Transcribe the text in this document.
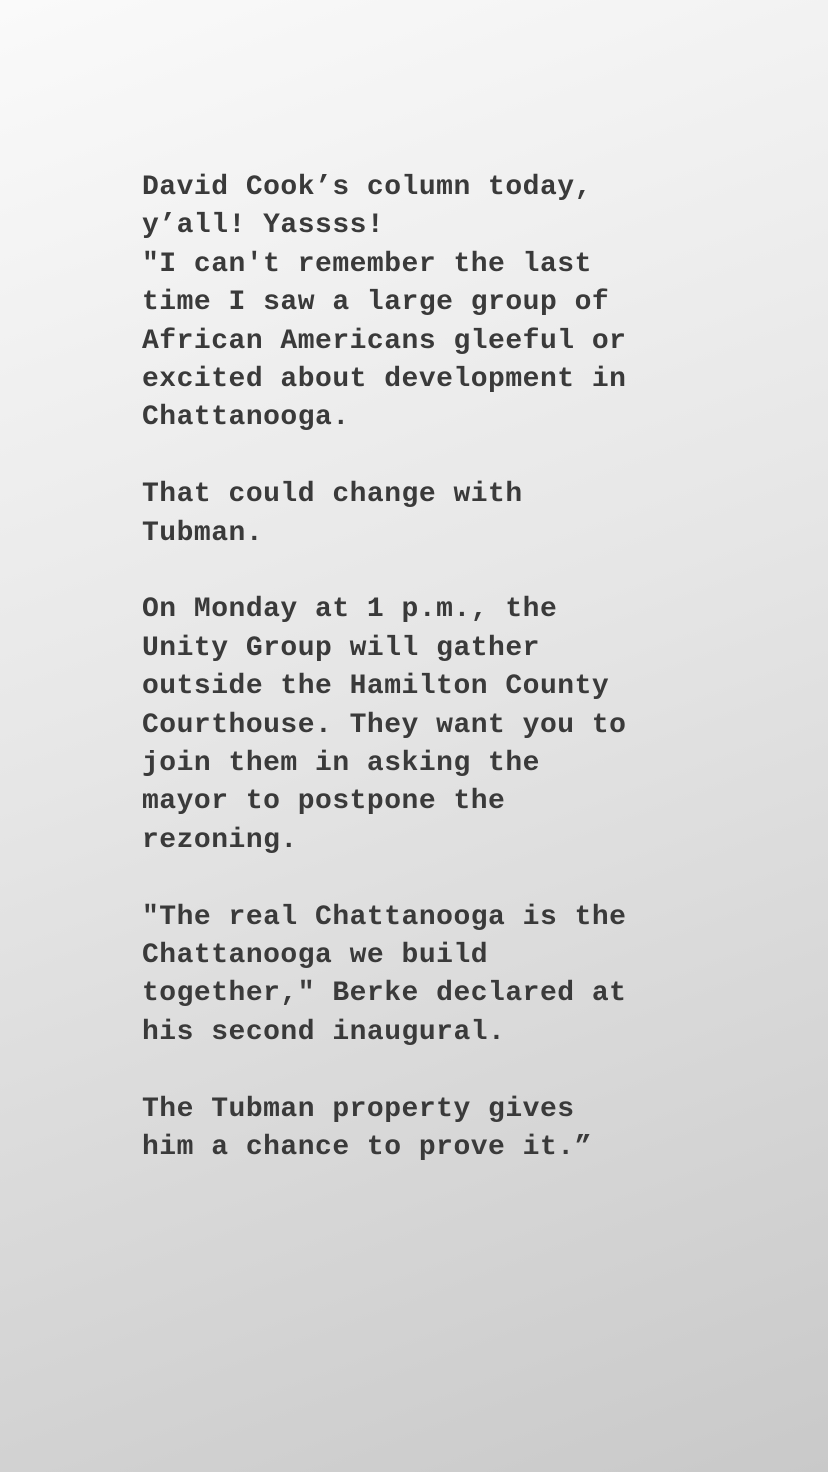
David Cook’s column today,
y’all! Yassss!

"I can't remember the last
time I saw a large group of
African Americans gleeful or
excited about development in
Chattanooga.

That could change with
Tubman.

On Monday at 1 p.m., the
Unity Group will gather
outside the Hamilton County
Courthouse. They want you to
join them in asking the
mayor to postpone the
rezoning.

"The real Chattanooga is the
Chattanooga we build
together," Berke declared at
his second inaugural.

The Tubman property gives
him a chance to prove it.”
